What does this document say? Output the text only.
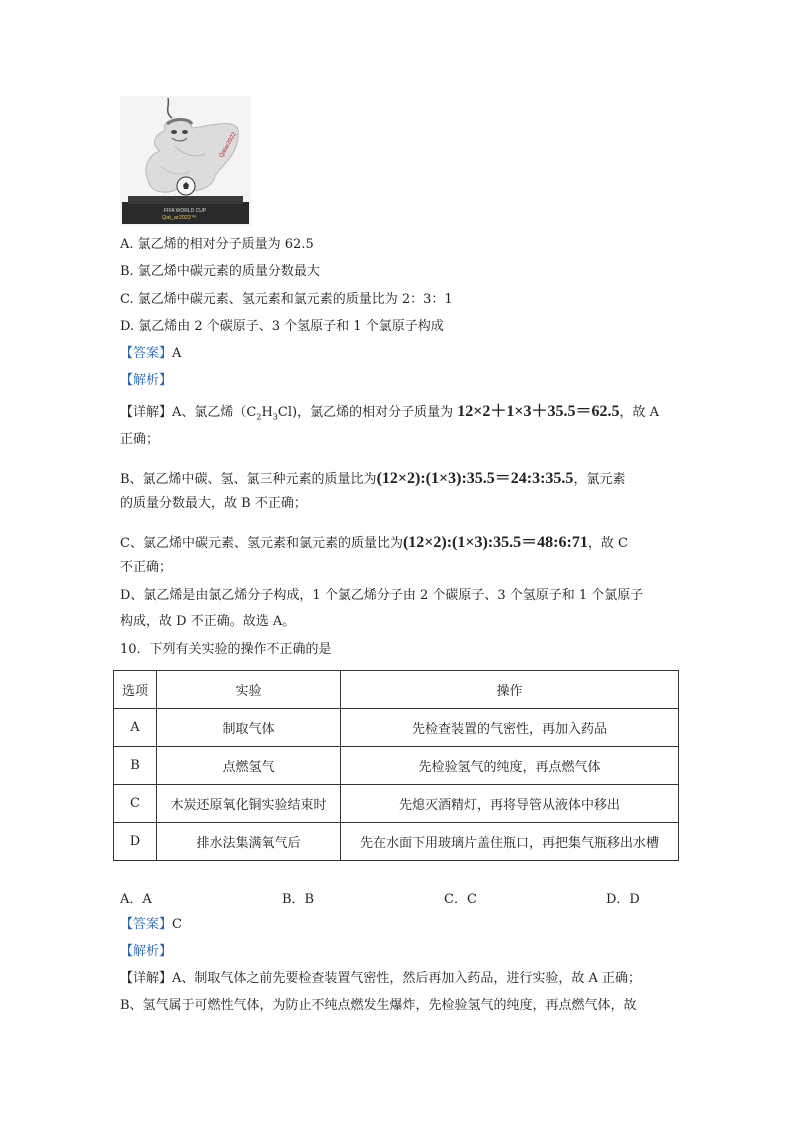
Qatar2022
FIFA WORLD CUP
Qat_ar2022™
A. 氯乙烯的相对分子质量为 62.5
B. 氯乙烯中碳元素的质量分数最大
C. 氯乙烯中碳元素、氢元素和氯元素的质量比为 2：3：1
D. 氯乙烯由 2 个碳原子、3 个氢原子和 1 个氯原子构成
【答案】A
【解析】
【详解】A、氯乙烯$(C_2H_3Cl)$，氯乙烯的相对分子质量为 12×2＋1×3＋35.5＝62.5，故 A
正确；
B、氯乙烯中碳、氢、氯三种元素的质量比为(12×2):(1×3):35.5＝24:3:35.5，氯元素
的质量分数最大，故 B 不正确；
C、氯乙烯中碳元素、氢元素和氯元素的质量比为(12×2):(1×3):35.5＝48:6:71，故 C
不正确；
D、氯乙烯是由氯乙烯分子构成，1 个氯乙烯分子由 2 个碳原子、3 个氢原子和 1 个氯原子
构成，故 D 不正确。故选 A。
10．下列有关实验的操作不正确的是
选项	实验	操作
A	制取气体	先检查装置的气密性，再加入药品
B	点燃氢气	先检验氢气的纯度，再点燃气体
C	木炭还原氧化铜实验结束时	先熄灭酒精灯，再将导管从液体中移出
D	排水法集满氧气后	先在水面下用玻璃片盖住瓶口，再把集气瓶移出水槽
A．A	B．B	C．C	D．D
【答案】C
【解析】
【详解】A、制取气体之前先要检查装置气密性，然后再加入药品，进行实验，故 A 正确；
B、氢气属于可燃性气体，为防止不纯点燃发生爆炸，先检验氢气的纯度，再点燃气体，故
